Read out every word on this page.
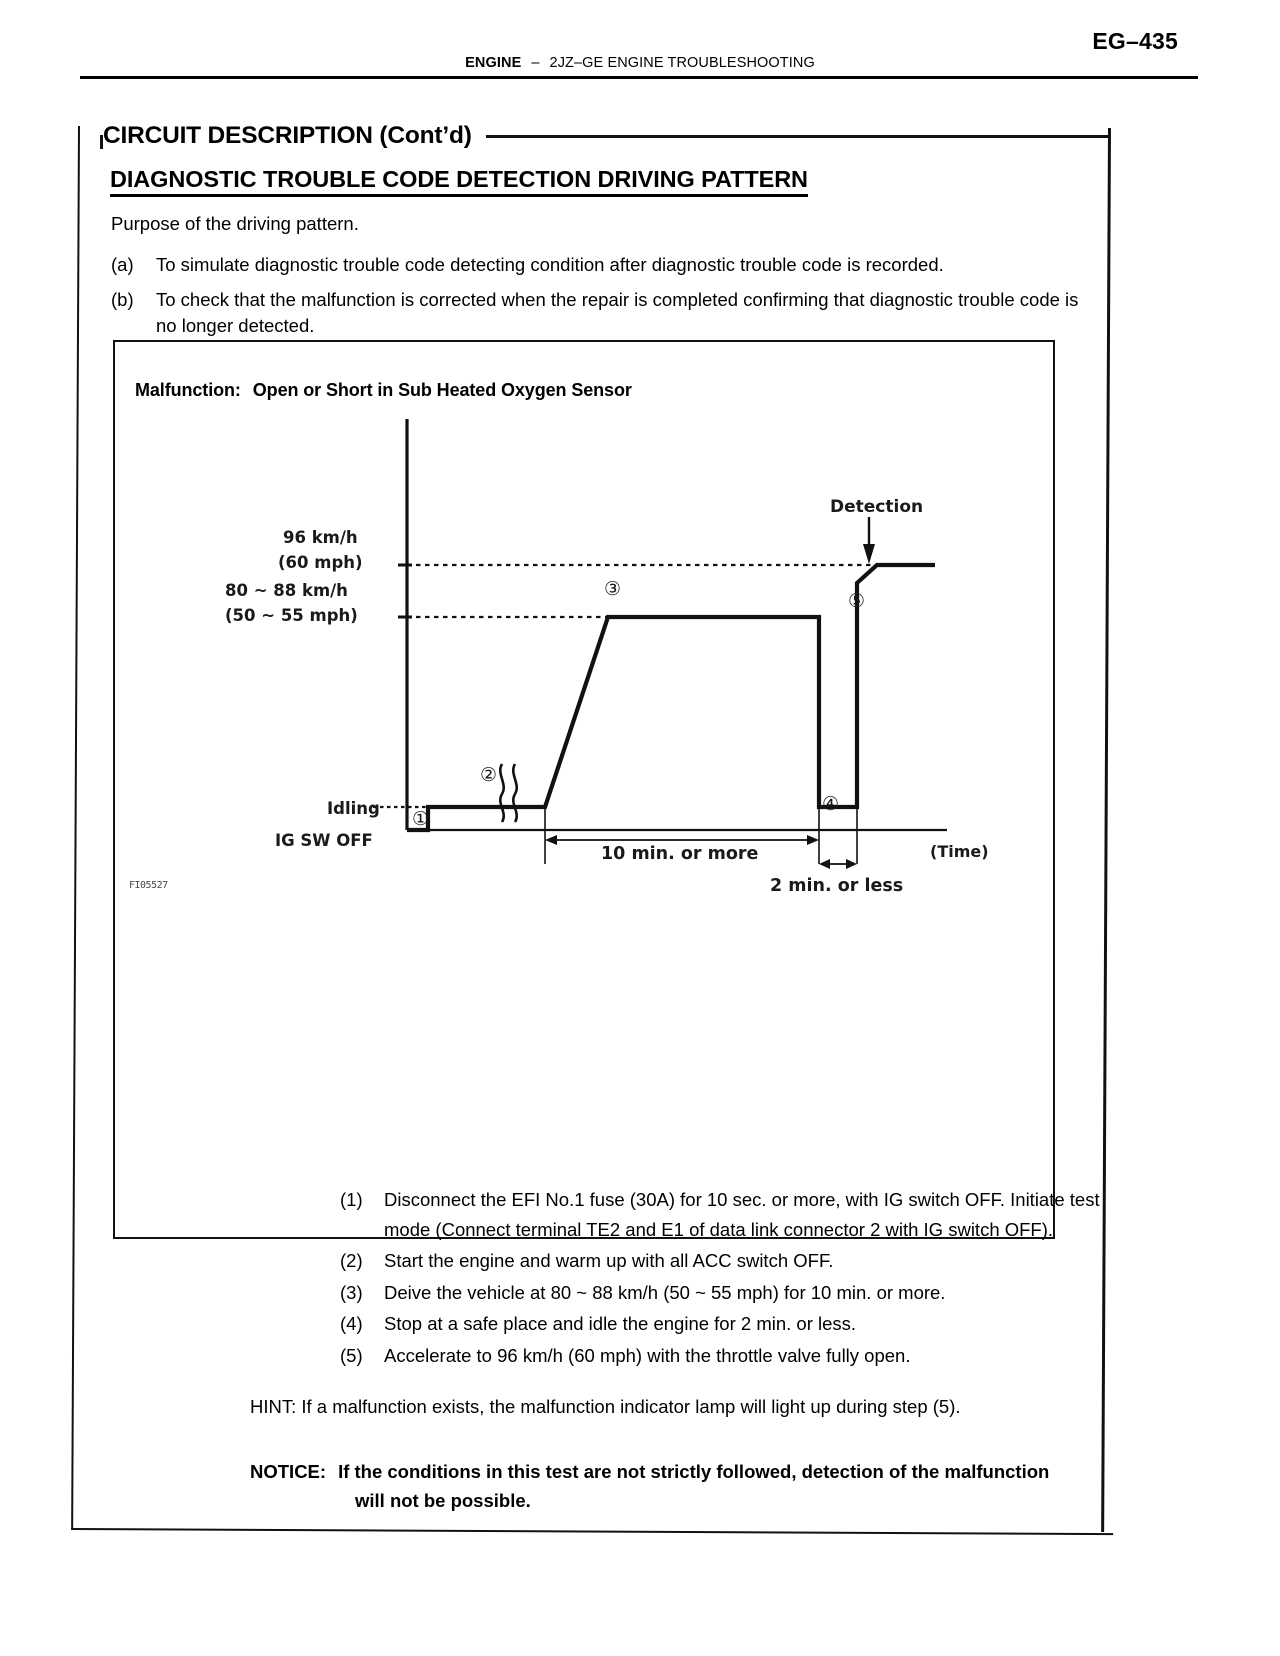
EG–435
ENGINE – 2JZ–GE ENGINE TROUBLESHOOTING
CIRCUIT DESCRIPTION (Cont’d)
DIAGNOSTIC TROUBLE CODE DETECTION DRIVING PATTERN
Purpose of the driving pattern.
(a)	To simulate diagnostic trouble code detecting condition after diagnostic trouble code is recorded.
(b)	To check that the malfunction is corrected when the repair is completed confirming that diagnostic trouble code is no longer detected.
Malfunction: Open or Short in Sub Heated Oxygen Sensor
96 km/h
(60 mph)
80 ~ 88 km/h
(50 ~ 55 mph)
Idling
IG SW OFF
Detection
(Time)
10 min. or more
2 min. or less
①
②
③
④
⑤
FI05527
(1) Disconnect the EFI No.1 fuse (30A) for 10 sec. or more, with IG switch OFF. Initiate test mode (Connect terminal TE2 and E1 of data link connector 2 with IG switch OFF).
(2) Start the engine and warm up with all ACC switch OFF.
(3) Deive the vehicle at 80 ~ 88 km/h (50 ~ 55 mph) for 10 min. or more.
(4) Stop at a safe place and idle the engine for 2 min. or less.
(5) Accelerate to 96 km/h (60 mph) with the throttle valve fully open.
HINT: If a malfunction exists, the malfunction indicator lamp will light up during step (5).
NOTICE: If the conditions in this test are not strictly followed, detection of the malfunction
will not be possible.
